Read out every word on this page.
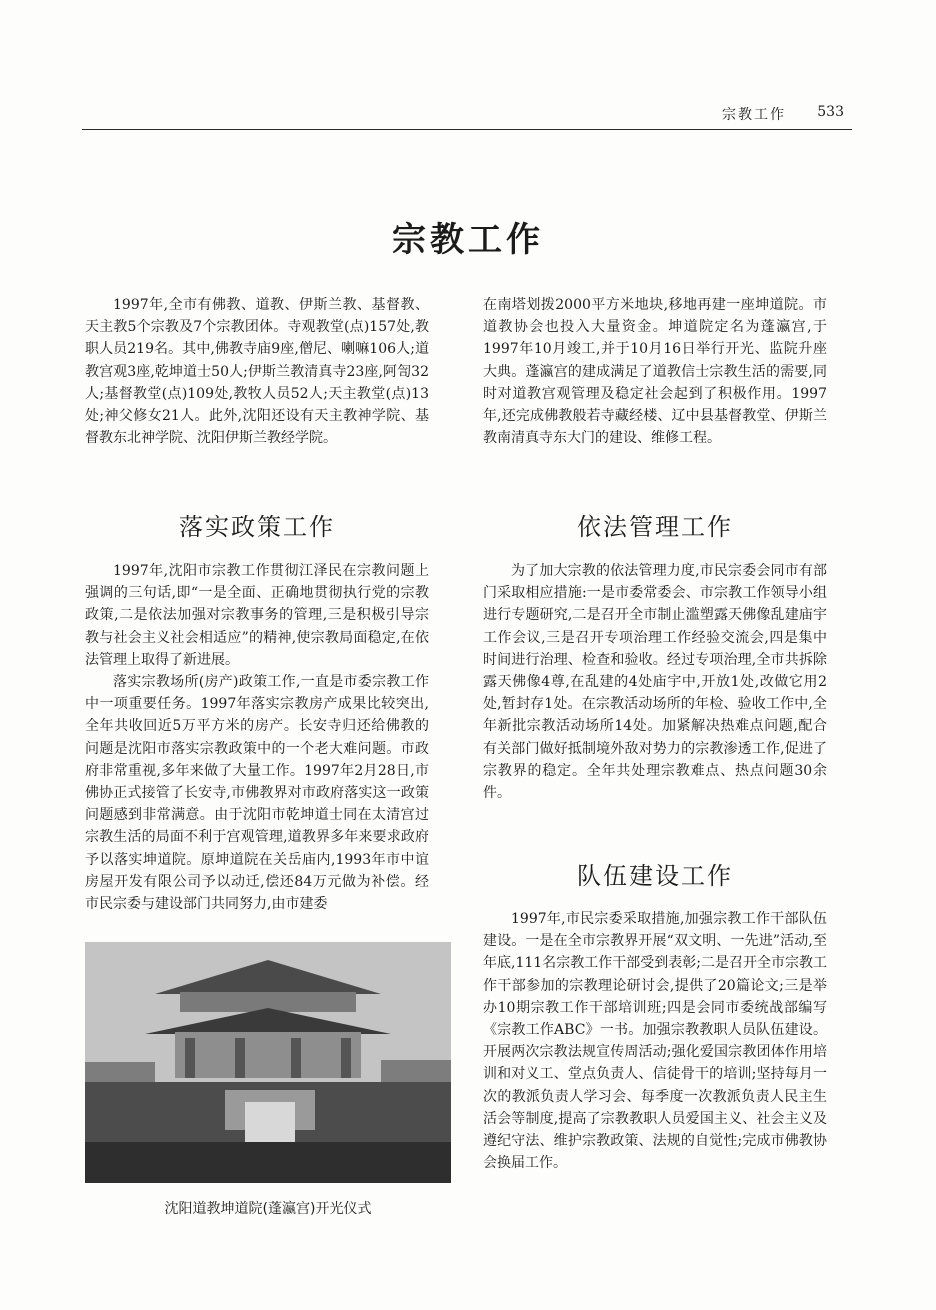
宗教工作 533
宗教工作

1997年,全市有佛教、道教、伊斯兰教、基督教、天主教5个宗教及7个宗教团体。寺观教堂(点)157处,教职人员219名。其中,佛教寺庙9座,僧尼、喇嘛106人;道教宫观3座,乾坤道士50人;伊斯兰教清真寺23座,阿訇32人;基督教堂(点)109处,教牧人员52人;天主教堂(点)13处;神父修女21人。此外,沈阳还设有天主教神学院、基督教东北神学院、沈阳伊斯兰教经学院。

落实政策工作

1997年,沈阳市宗教工作贯彻江泽民在宗教问题上强调的三句话,即“一是全面、正确地贯彻执行党的宗教政策,二是依法加强对宗教事务的管理,三是积极引导宗教与社会主义社会相适应”的精神,使宗教局面稳定,在依法管理上取得了新进展。

落实宗教场所(房产)政策工作,一直是市委宗教工作中一项重要任务。1997年落实宗教房产成果比较突出,全年共收回近5万平方米的房产。长安寺归还给佛教的问题是沈阳市落实宗教政策中的一个老大难问题。市政府非常重视,多年来做了大量工作。1997年2月28日,市佛协正式接管了长安寺,市佛教界对市政府落实这一政策问题感到非常满意。由于沈阳市乾坤道士同在太清宫过宗教生活的局面不利于宫观管理,道教界多年来要求政府予以落实坤道院。原坤道院在关岳庙内,1993年市中谊房屋开发有限公司予以动迁,偿还84万元做为补偿。经市民宗委与建设部门共同努力,由市建委

沈阳道教坤道院(蓬瀛宫)开光仪式

在南塔划拨2000平方米地块,移地再建一座坤道院。市道教协会也投入大量资金。坤道院定名为蓬瀛宫,于1997年10月竣工,并于10月16日举行开光、监院升座大典。蓬瀛宫的建成满足了道教信士宗教生活的需要,同时对道教宫观管理及稳定社会起到了积极作用。1997年,还完成佛教般若寺藏经楼、辽中县基督教堂、伊斯兰教南清真寺东大门的建设、维修工程。

依法管理工作

为了加大宗教的依法管理力度,市民宗委会同市有部门采取相应措施:一是市委常委会、市宗教工作领导小组进行专题研究,二是召开全市制止滥塑露天佛像乱建庙宇工作会议,三是召开专项治理工作经验交流会,四是集中时间进行治理、检查和验收。经过专项治理,全市共拆除露天佛像4尊,在乱建的4处庙宇中,开放1处,改做它用2处,暂封存1处。在宗教活动场所的年检、验收工作中,全年新批宗教活动场所14处。加紧解决热难点问题,配合有关部门做好抵制境外敌对势力的宗教渗透工作,促进了宗教界的稳定。全年共处理宗教难点、热点问题30余件。

队伍建设工作

1997年,市民宗委采取措施,加强宗教工作干部队伍建设。一是在全市宗教界开展“双文明、一先进”活动,至年底,111名宗教工作干部受到表彰;二是召开全市宗教工作干部参加的宗教理论研讨会,提供了20篇论文;三是举办10期宗教工作干部培训班;四是会同市委统战部编写《宗教工作ABC》一书。加强宗教教职人员队伍建设。开展两次宗教法规宣传周活动;强化爱国宗教团体作用培训和对义工、堂点负责人、信徒骨干的培训;坚持每月一次的教派负责人学习会、每季度一次教派负责人民主生活会等制度,提高了宗教教职人员爱国主义、社会主义及遵纪守法、维护宗教政策、法规的自觉性;完成市佛教协会换届工作。
